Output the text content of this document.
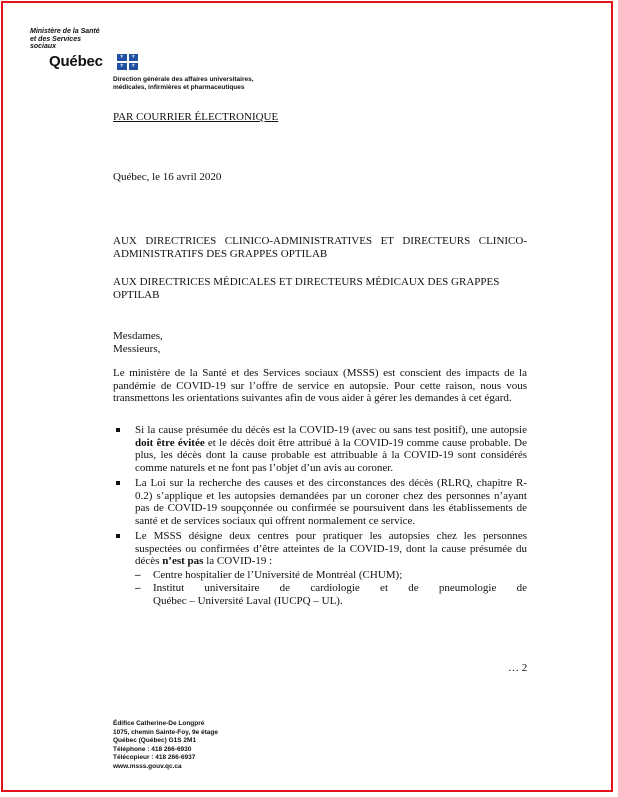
Ministère de la Santé
et des Services
sociaux
Québec	⚜	⚜
⚜	⚜
Direction générale des affaires universitaires,
médicales, infirmières et pharmaceutiques
PAR COURRIER ÉLECTRONIQUE
Québec, le 16 avril 2020
AUX DIRECTRICES CLINICO-ADMINISTRATIVES ET DIRECTEURS CLINICO-ADMINISTRATIFS DES GRAPPES OPTILAB
AUX DIRECTRICES MÉDICALES ET DIRECTEURS MÉDICAUX DES GRAPPES OPTILAB
Mesdames,
Messieurs,
Le ministère de la Santé et des Services sociaux (MSSS) est conscient des impacts de la pandémie de COVID-19 sur l’offre de service en autopsie. Pour cette raison, nous vous transmettons les orientations suivantes afin de vous aider à gérer les demandes à cet égard.
Si la cause présumée du décès est la COVID-19 (avec ou sans test positif), une autopsie doit être évitée et le décès doit être attribué à la COVID-19 comme cause probable. De plus, les décès dont la cause probable est attribuable à la COVID-19 sont considérés comme naturels et ne font pas l’objet d’un avis au coroner.
La Loi sur la recherche des causes et des circonstances des décès (RLRQ, chapitre R-0.2) s’applique et les autopsies demandées par un coroner chez des personnes n’ayant pas de COVID-19 soupçonnée ou confirmée se poursuivent dans les établissements de santé et de services sociaux qui offrent normalement ce service.
Le MSSS désigne deux centres pour pratiquer les autopsies chez les personnes suspectées ou confirmées d’être atteintes de la COVID-19, dont la cause présumée du décès n’est pas la COVID-19 :
– Centre hospitalier de l’Université de Montréal (CHUM);
– Institut universitaire de cardiologie et de pneumologie de
Québec – Université Laval (IUCPQ – UL).
… 2
Édifice Catherine-De Longpré
1075, chemin Sainte-Foy, 9e étage
Québec (Québec) G1S 2M1
Téléphone : 418 266-6930
Télécopieur : 418 266-6937
www.msss.gouv.qc.ca
